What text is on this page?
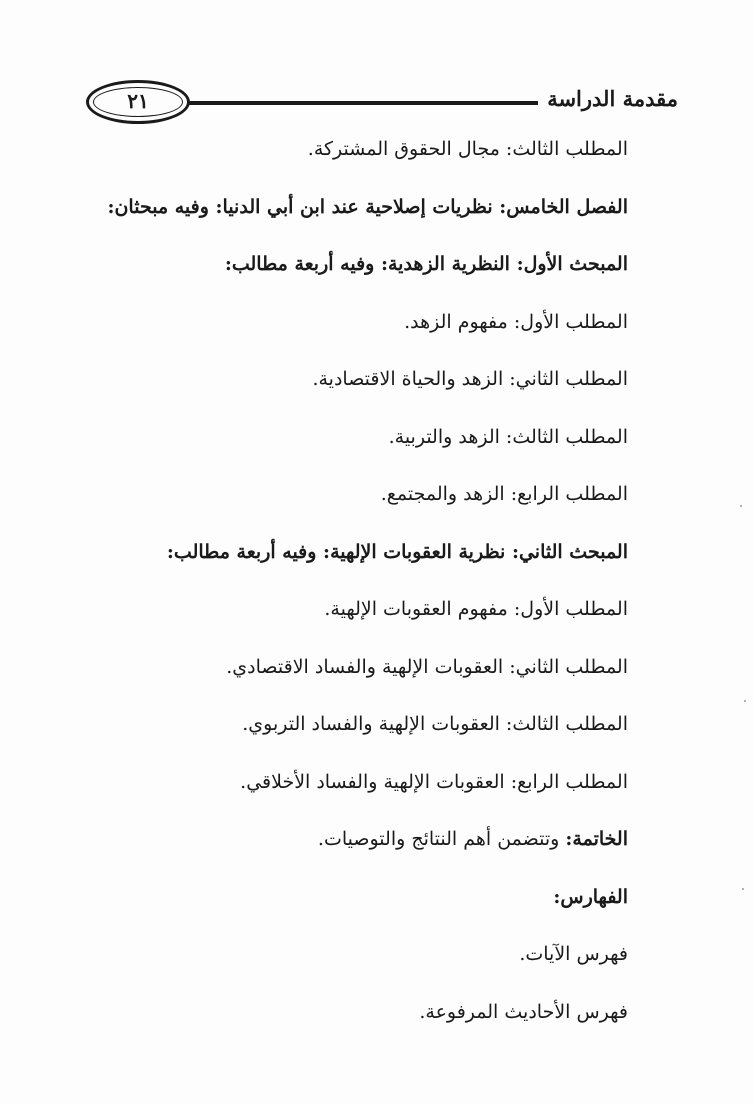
٢١	مقدمة الدراسة
المطلب الثالث: مجال الحقوق المشتركة.
الفصل الخامس: نظريات إصلاحية عند ابن أبي الدنيا: وفيه مبحثان:
المبحث الأول: النظرية الزهدية: وفيه أربعة مطالب:
المطلب الأول: مفهوم الزهد.
المطلب الثاني: الزهد والحياة الاقتصادية.
المطلب الثالث: الزهد والتربية.
المطلب الرابع: الزهد والمجتمع.
المبحث الثاني: نظرية العقوبات الإلهية: وفيه أربعة مطالب:
المطلب الأول: مفهوم العقوبات الإلهية.
المطلب الثاني: العقوبات الإلهية والفساد الاقتصادي.
المطلب الثالث: العقوبات الإلهية والفساد التربوي.
المطلب الرابع: العقوبات الإلهية والفساد الأخلاقي.
الخاتمة: وتتضمن أهم النتائج والتوصيات.
الفهارس:
فهرس الآيات.
فهرس الأحاديث المرفوعة.
